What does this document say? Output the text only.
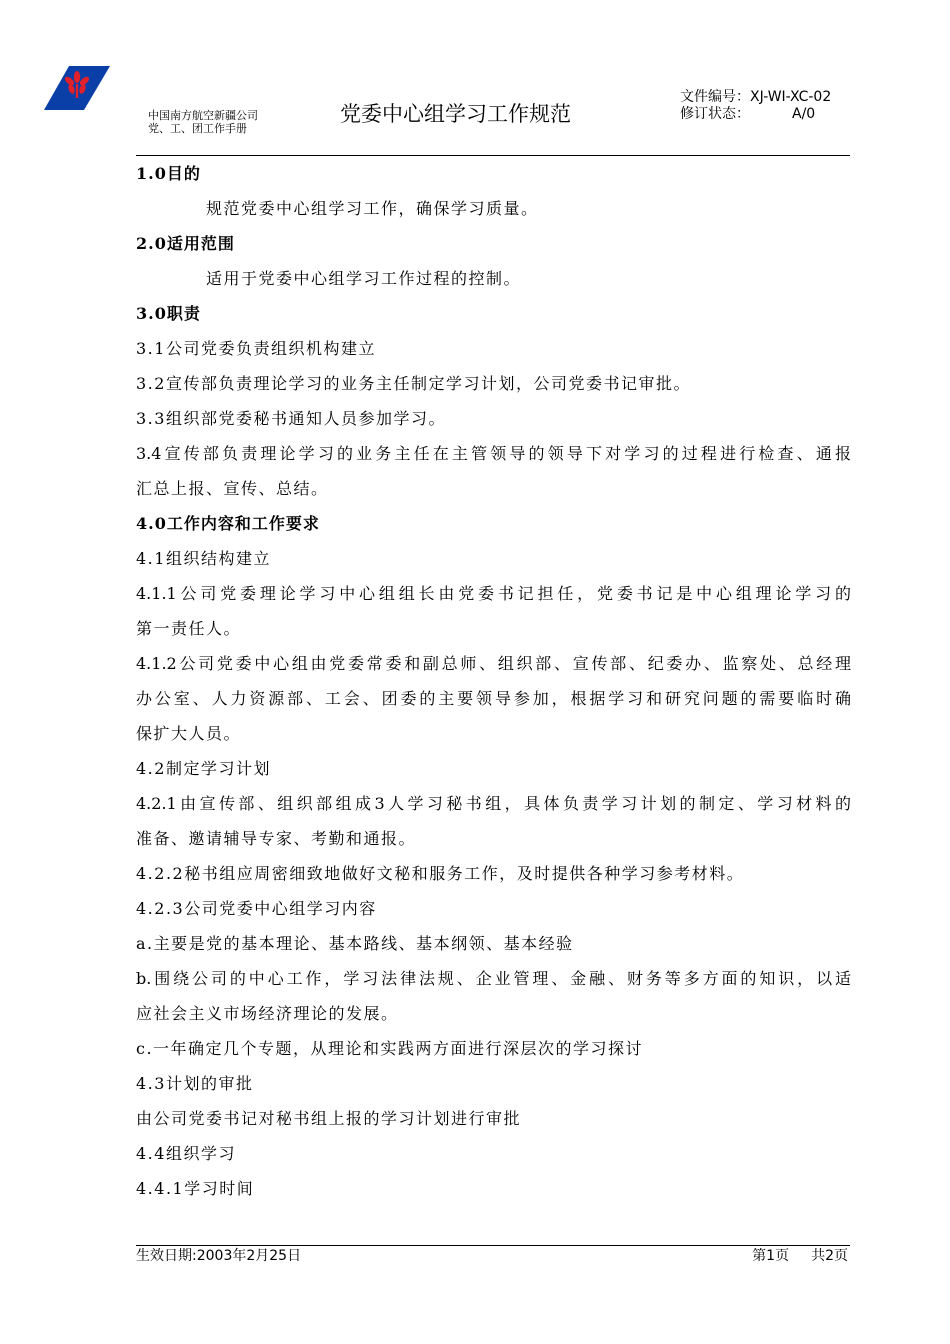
中国南方航空新疆公司
党、工、团工作手册
党委中心组学习工作规范
文件编号：XJ-WI-XC-02
修订状态：	A/0
1.0目的
规范党委中心组学习工作，确保学习质量。
2.0适用范围
适用于党委中心组学习工作过程的控制。
3.0职责
3.1公司党委负责组织机构建立
3.2宣传部负责理论学习的业务主任制定学习计划，公司党委书记审批。
3.3组织部党委秘书通知人员参加学习。
3.4宣传部负责理论学习的业务主任在主管领导的领导下对学习的过程进行检查、通报
汇总上报、宣传、总结。
4.0工作内容和工作要求
4.1组织结构建立
4.1.1公司党委理论学习中心组组长由党委书记担任，党委书记是中心组理论学习的
第一责任人。
4.1.2公司党委中心组由党委常委和副总师、组织部、宣传部、纪委办、监察处、总经理
办公室、人力资源部、工会、团委的主要领导参加，根据学习和研究问题的需要临时确
保扩大人员。
4.2制定学习计划
4.2.1由宣传部、组织部组成3人学习秘书组，具体负责学习计划的制定、学习材料的
准备、邀请辅导专家、考勤和通报。
4.2.2秘书组应周密细致地做好文秘和服务工作，及时提供各种学习参考材料。
4.2.3公司党委中心组学习内容
a.主要是党的基本理论、基本路线、基本纲领、基本经验
b.围绕公司的中心工作，学习法律法规、企业管理、金融、财务等多方面的知识，以适
应社会主义市场经济理论的发展。
c.一年确定几个专题，从理论和实践两方面进行深层次的学习探讨
4.3计划的审批
由公司党委书记对秘书组上报的学习计划进行审批
4.4组织学习
4.4.1学习时间
生效日期:2003年2月25日	第1页 共2页
